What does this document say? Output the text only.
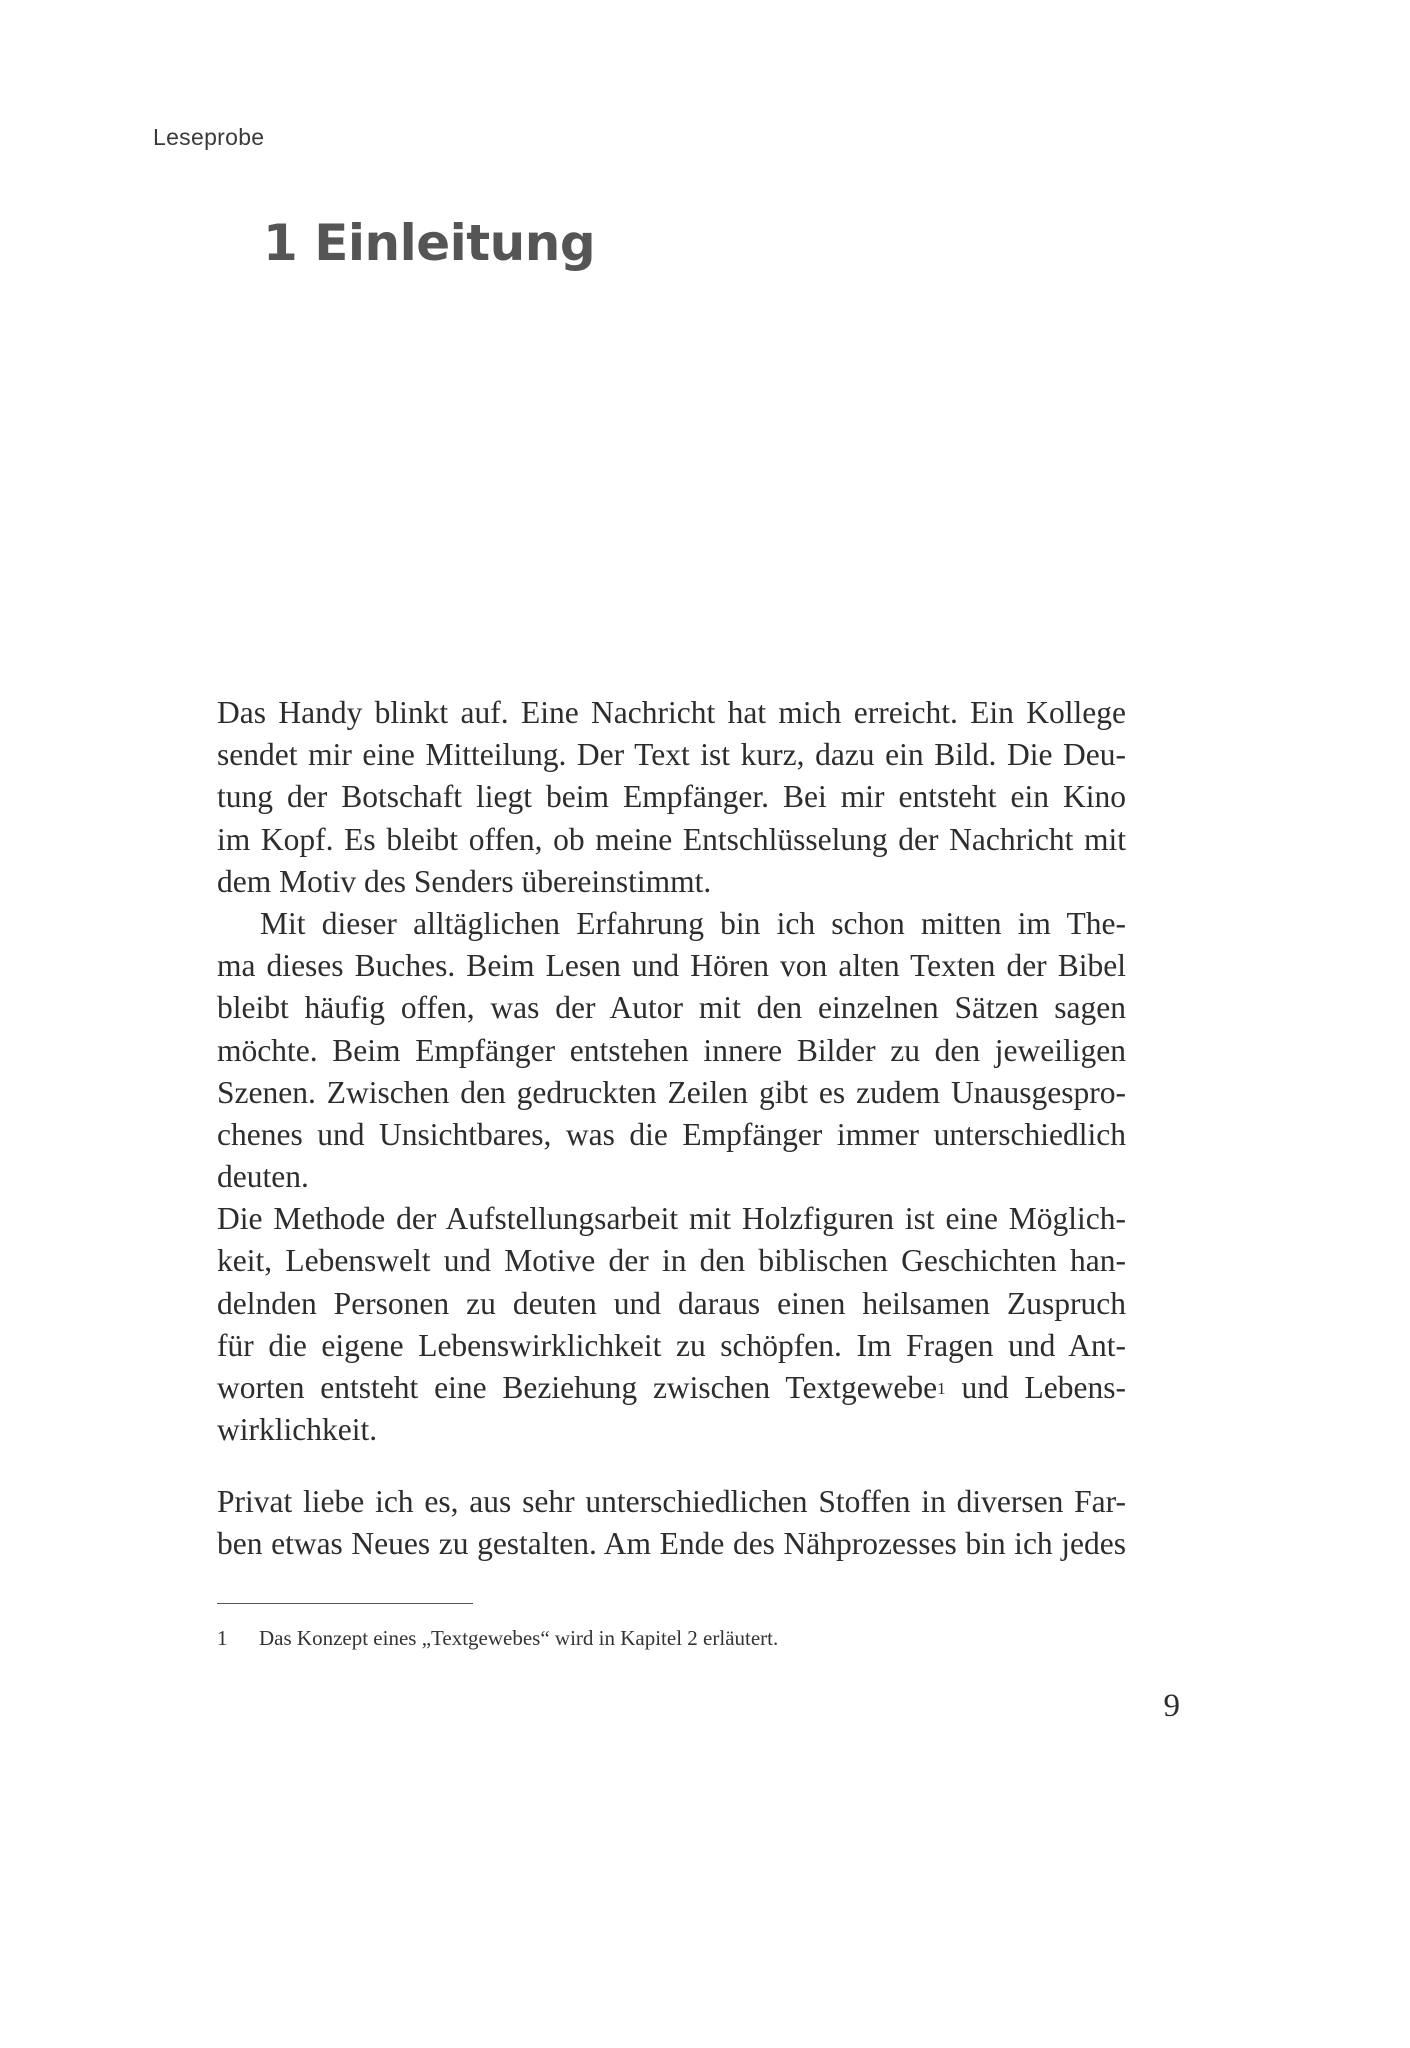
Leseprobe
1 Einleitung
Das Handy blinkt auf. Eine Nachricht hat mich erreicht. Ein Kollege
sendet mir eine Mitteilung. Der Text ist kurz, dazu ein Bild. Die Deu-
tung der Botschaft liegt beim Empfänger. Bei mir entsteht ein Kino
im Kopf. Es bleibt offen, ob meine Entschlüsselung der Nachricht mit
dem Motiv des Senders übereinstimmt.
Mit dieser alltäglichen Erfahrung bin ich schon mitten im The-
ma dieses Buches. Beim Lesen und Hören von alten Texten der Bibel
bleibt häufig offen, was der Autor mit den einzelnen Sätzen sagen
möchte. Beim Empfänger entstehen innere Bilder zu den jeweiligen
Szenen. Zwischen den gedruckten Zeilen gibt es zudem Unausgespro-
chenes und Unsichtbares, was die Empfänger immer unterschiedlich
deuten.
Die Methode der Aufstellungsarbeit mit Holzfiguren ist eine Möglich-
keit, Lebenswelt und Motive der in den biblischen Geschichten han-
delnden Personen zu deuten und daraus einen heilsamen Zuspruch
für die eigene Lebenswirklichkeit zu schöpfen. Im Fragen und Ant-
worten entsteht eine Beziehung zwischen Textgewebe$^1$ und Lebens-
wirklichkeit.
Privat liebe ich es, aus sehr unterschiedlichen Stoffen in diversen Far-
ben etwas Neues zu gestalten. Am Ende des Nähprozesses bin ich jedes
1 Das Konzept eines „Textgewebes“ wird in Kapitel 2 erläutert.
9
